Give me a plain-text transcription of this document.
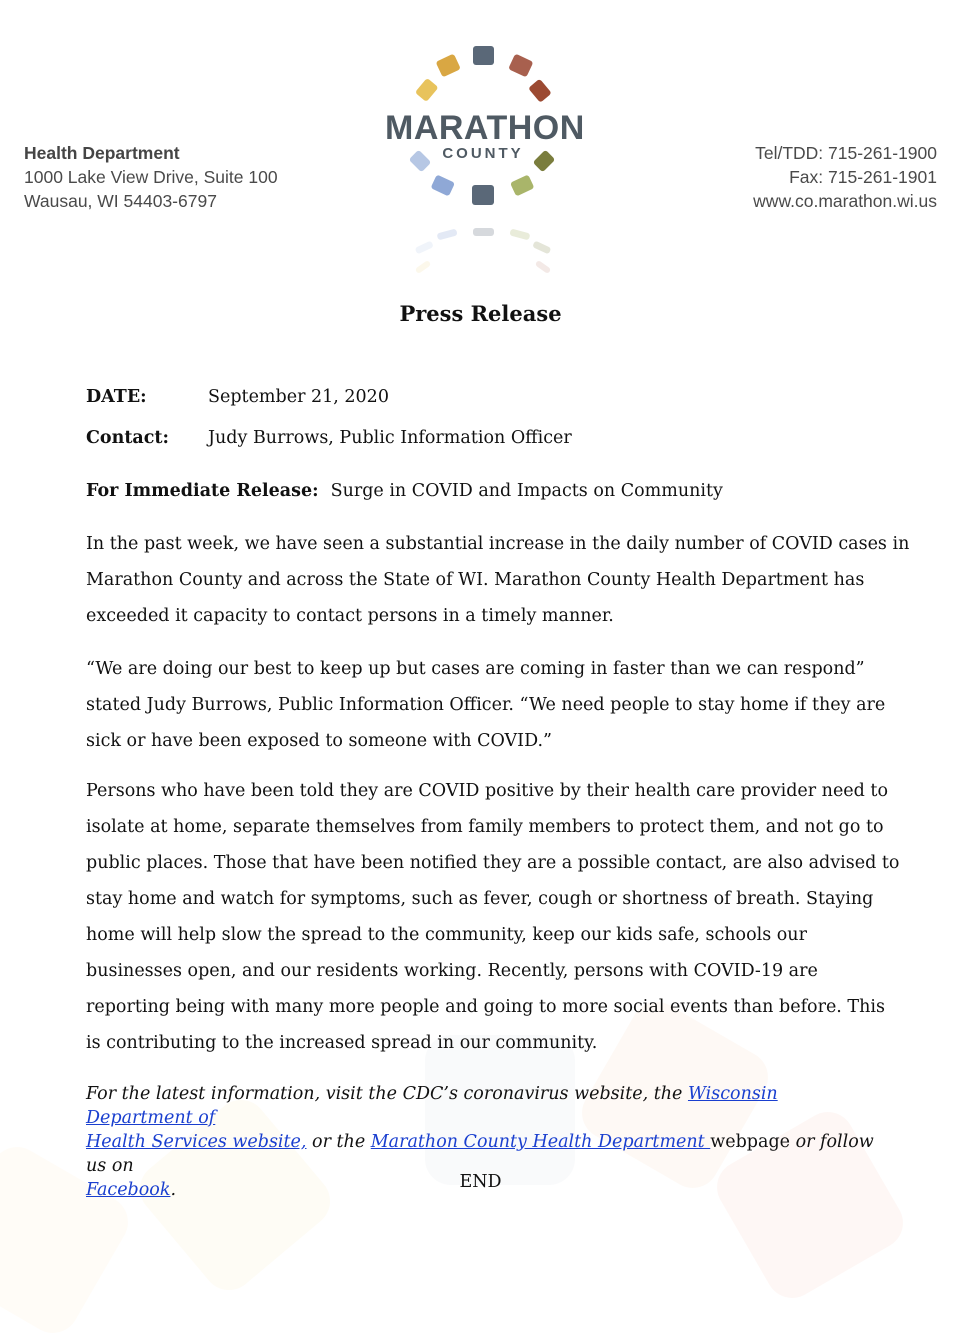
Health Department
1000 Lake View Drive, Suite 100
Wausau, WI 54403-6797
MARATHON
COUNTY	Tel/TDD: 715-261-1900
Fax: 715-261-1901
www.co.marathon.wi.us
Press Release
DATE:	September 21, 2020
Contact: Judy Burrows, Public Information Officer
For Immediate Release: Surge in COVID and Impacts on Community

In the past week, we have seen a substantial increase in the daily number of COVID cases in
Marathon County and across the State of WI. Marathon County Health Department has
exceeded it capacity to contact persons in a timely manner.

“We are doing our best to keep up but cases are coming in faster than we can respond”
stated Judy Burrows, Public Information Officer. “We need people to stay home if they are
sick or have been exposed to someone with COVID.”

Persons who have been told they are COVID positive by their health care provider need to
isolate at home, separate themselves from family members to protect them, and not go to
public places. Those that have been notified they are a possible contact, are also advised to
stay home and watch for symptoms, such as fever, cough or shortness of breath. Staying
home will help slow the spread to the community, keep our kids safe, schools our
businesses open, and our residents working. Recently, persons with COVID-19 are
reporting being with many more people and going to more social events than before. This
is contributing to the increased spread in our community.

For the latest information, visit the CDC’s coronavirus website, the Wisconsin Department of
Health Services website, or the Marathon County Health Department webpage or follow us on
Facebook.	END
